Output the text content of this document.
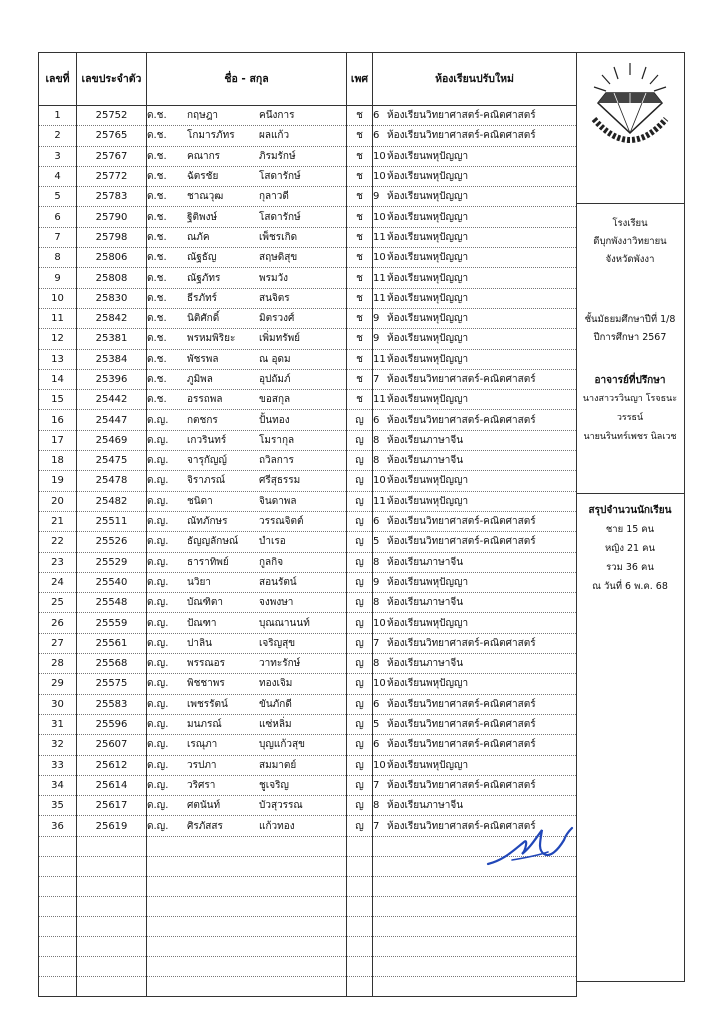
เลขที่	เลขประจำตัว	ชื่อ - สกุล	เพศ	ห้องเรียนปรับใหม่
1	25752	ด.ช. กฤษฎา คนึงการ	ช	6 ห้องเรียนวิทยาศาสตร์-คณิตศาสตร์
2	25765	ด.ช. โกมารภัทร ผลแก้ว	ช	6 ห้องเรียนวิทยาศาสตร์-คณิตศาสตร์
3	25767	ด.ช. คณากร ภิรมรักษ์	ช	10ห้องเรียนพหุปัญญา
4	25772	ด.ช. ฉัตรชัย โสดารักษ์	ช	10ห้องเรียนพหุปัญญา
5	25783	ด.ช. ชาณวุฒ กุลาวดี	ช	9 ห้องเรียนพหุปัญญา
6	25790	ด.ช. ฐิติพงษ์ โสดารักษ์	ช	10ห้องเรียนพหุปัญญา
7	25798	ด.ช. ณภัค เพ็ชรเกิด	ช	11ห้องเรียนพหุปัญญา
8	25806	ด.ช. ณัฐธัญ สฤษดิสุข	ช	10ห้องเรียนพหุปัญญา
9	25808	ด.ช. ณัฐภัทร พรมวัง	ช	11ห้องเรียนพหุปัญญา
10	25830	ด.ช. ธีรภัทร์ สนจิตร	ช	11ห้องเรียนพหุปัญญา
11	25842	ด.ช. นิติศักดิ์ มิตรวงศ์	ช	9 ห้องเรียนพหุปัญญา
12	25381	ด.ช. พรหมพิริยะ เพิ่มทรัพย์	ช	9 ห้องเรียนพหุปัญญา
13	25384	ด.ช. พัชรพล ณ อุดม	ช	11ห้องเรียนพหุปัญญา
14	25396	ด.ช. ภูมิพล อุปถัมภ์	ช	7 ห้องเรียนวิทยาศาสตร์-คณิตศาสตร์
15	25442	ด.ช. อรรถพล ขอสกุล	ช	11ห้องเรียนพหุปัญญา
16	25447	ด.ญ. กตชกร ปั้นทอง	ญ	6 ห้องเรียนวิทยาศาสตร์-คณิตศาสตร์
17	25469	ด.ญ. เกวรินทร์ โมรากุล	ญ	8 ห้องเรียนภาษาจีน
18	25475	ด.ญ. จารุกัญญ์ ถวิลการ	ญ	8 ห้องเรียนภาษาจีน
19	25478	ด.ญ. จิราภรณ์ ศรีสุธรรม	ญ	10ห้องเรียนพหุปัญญา
20	25482	ด.ญ. ชนิดา จินดาพล	ญ	11ห้องเรียนพหุปัญญา
21	25511	ด.ญ. ณัทภักษร วรรณจิตต์	ญ	6 ห้องเรียนวิทยาศาสตร์-คณิตศาสตร์
22	25526	ด.ญ. ธัญญลักษณ์ บำเรอ	ญ	5 ห้องเรียนวิทยาศาสตร์-คณิตศาสตร์
23	25529	ด.ญ. ธาราทิพย์ กูลกิจ	ญ	8 ห้องเรียนภาษาจีน
24	25540	ด.ญ. นวิยา สอนรัตน์	ญ	9 ห้องเรียนพหุปัญญา
25	25548	ด.ญ. บัณฑิตา จงพงษา	ญ	8 ห้องเรียนภาษาจีน
26	25559	ด.ญ. ปัณฑา บุณณานนท์	ญ	10ห้องเรียนพหุปัญญา
27	25561	ด.ญ. ปาลิน เจริญสุข	ญ	7 ห้องเรียนวิทยาศาสตร์-คณิตศาสตร์
28	25568	ด.ญ. พรรณอร วาทะรักษ์	ญ	8 ห้องเรียนภาษาจีน
29	25575	ด.ญ. พิชชาพร ทองเจิม	ญ	10ห้องเรียนพหุปัญญา
30	25583	ด.ญ. เพชรรัตน์ ขันภักดี	ญ	6 ห้องเรียนวิทยาศาสตร์-คณิตศาสตร์
31	25596	ด.ญ. มนภรณ์ แซ่หลิ่ม	ญ	5 ห้องเรียนวิทยาศาสตร์-คณิตศาสตร์
32	25607	ด.ญ. เรณุภา บุญแก้วสุข	ญ	6 ห้องเรียนวิทยาศาสตร์-คณิตศาสตร์
33	25612	ด.ญ. วรปภา สมมาตย์	ญ	10ห้องเรียนพหุปัญญา
34	25614	ด.ญ. วริศรา ชูเจริญ	ญ	7 ห้องเรียนวิทยาศาสตร์-คณิตศาสตร์
35	25617	ด.ญ. ศตนันท์ บัวสุวรรณ	ญ	8 ห้องเรียนภาษาจีน
36	25619	ด.ญ. ศิรภัสสร แก้วทอง	ญ	7 ห้องเรียนวิทยาศาสตร์-คณิตศาสตร์

โรงเรียน
ดีบุกพังงาวิทยายน
จังหวัดพังงา
ชั้นมัธยมศึกษาปีที่ 1/8
ปีการศึกษา 2567
อาจารย์ที่ปรึกษา
นางสาวรวินญา โรจธนะวรรธน์
นายนรินทร์เพชร นิลเวช
สรุปจำนวนนักเรียน
ชาย 15 คน
หญิง 21 คน
รวม 36 คน
ณ วันที่ 6 พ.ค. 68
